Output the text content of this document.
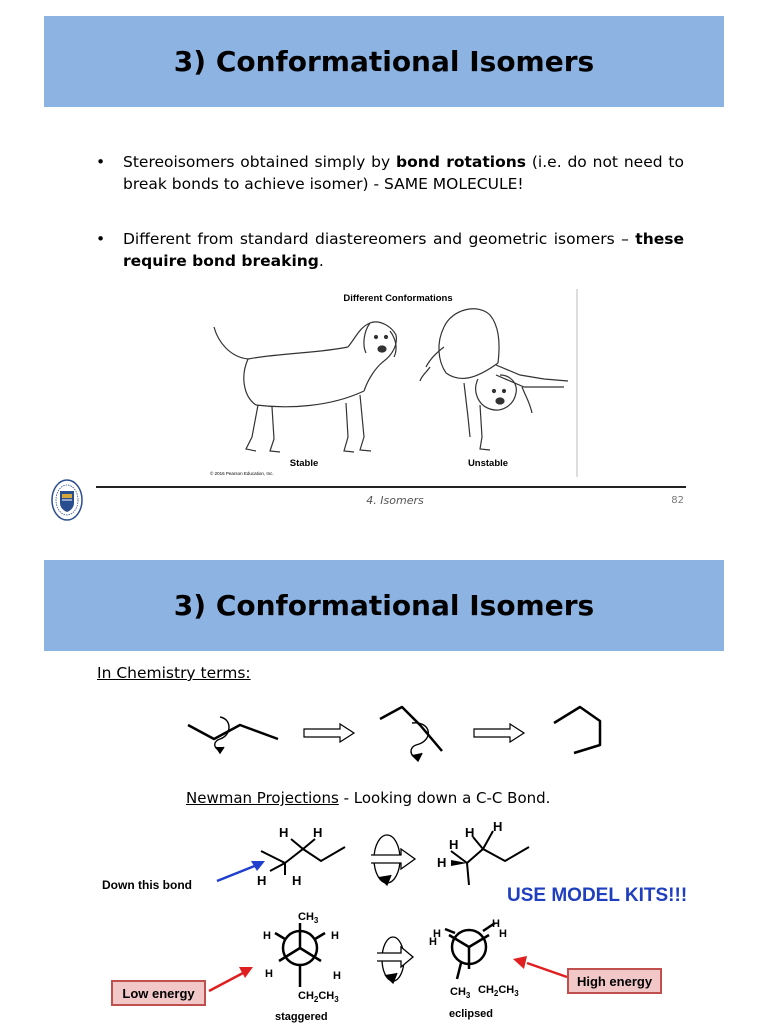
3) Conformational Isomers
• Stereoisomers obtained simply by bond rotations (i.e. do not need to break bonds to achieve isomer) - SAME MOLECULE!
• Different from standard diastereomers and geometric isomers – these require bond breaking.
Different Conformations
Stable
© 2016 Pearson Education, Inc.
Unstable
4. Isomers	82
3) Conformational Isomers
In Chemistry terms:
Newman Projections - Looking down a C-C Bond.
H H
H H
Down this bond
H
H
H H
USE MODEL KITS!!!
$CH_3$
H	H
H	H
$CH_2CH_3$
staggered
H
H
H
H
$CH_3$ $CH_2CH_3$
eclipsed
Low energy
High energy
